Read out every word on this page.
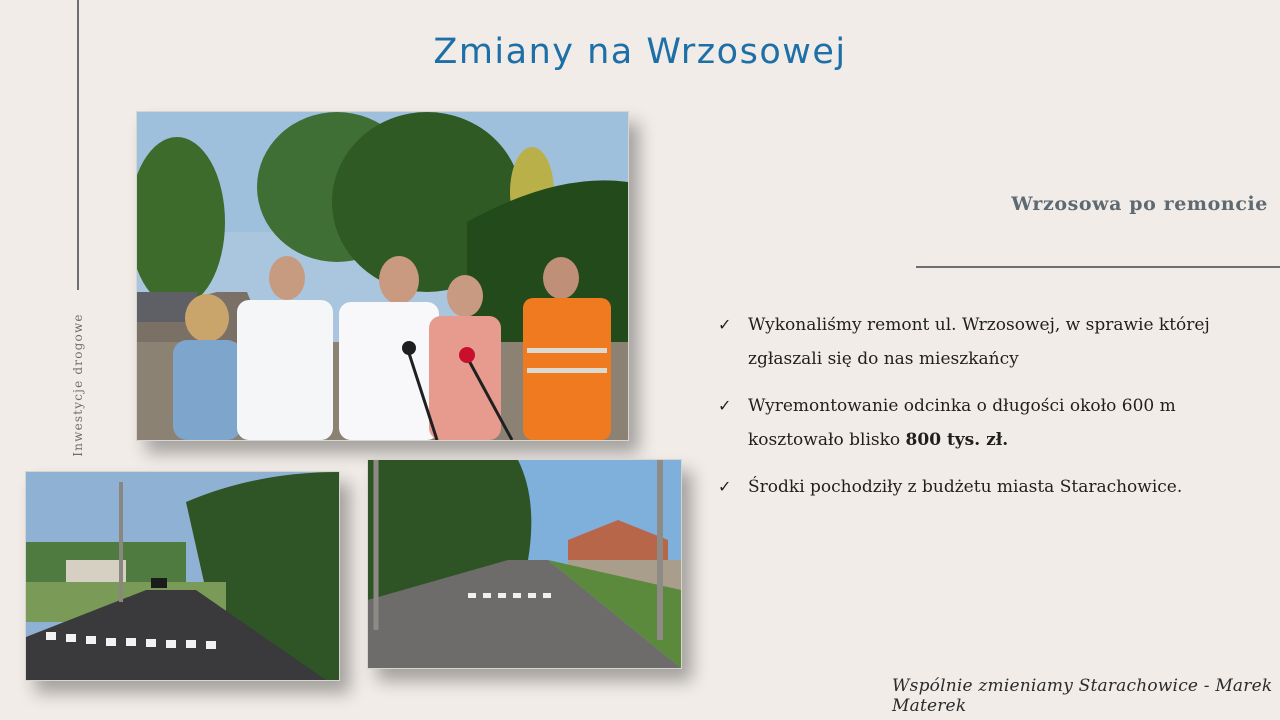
Inwestycje drogowe
Zmiany na Wrzosowej
Wrzosowa po remoncie
✓ Wykonaliśmy remont ul. Wrzosowej, w sprawie której zgłaszali się do nas mieszkańcy
✓ Wyremontowanie odcinka o długości około 600 m kosztowało blisko 800 tys. zł.
✓ Środki pochodziły z budżetu miasta Starachowice.
Wspólnie zmieniamy Starachowice - Marek Materek
